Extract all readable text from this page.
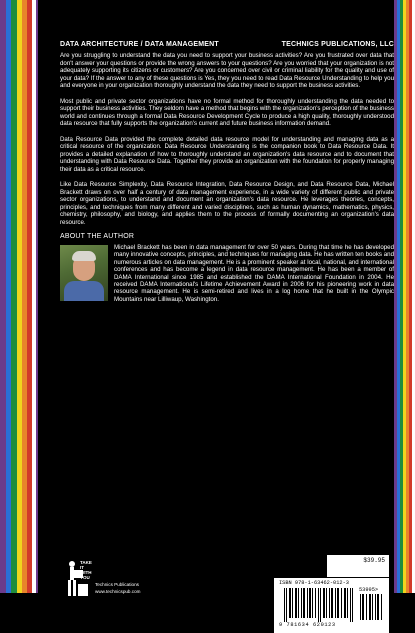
DATA ARCHITECTURE / DATA MANAGEMENT	TECHNICS PUBLICATIONS, LLC

Are you struggling to understand the data you need to support your business activities? Are you frustrated over data that don't answer your questions or provide the wrong answers to your questions? Are you worried that your organization is not adequately supporting its citizens or customers? Are you concerned over civil or criminal liability for the quality and use of your data? If the answer to any of these questions is Yes, they you need to read Data Resource Understanding to help you and everyone in your organization thoroughly understand the data they need to support the business activities.

Most public and private sector organizations have no formal method for thoroughly understanding the data needed to support their business activities. They seldom have a method that begins with the organization's perception of the business world and continues through a formal Data Resource Development Cycle to produce a high quality, thoroughly understood data resource that fully supports the organization's current and future business information demand.

Data Resource Data provided the complete detailed data resource model for understanding and managing data as a critical resource of the organization. Data Resource Understanding is the companion book to Data Resource Data. It provides a detailed explanation of how to thoroughly understand an organization's data resource and to document that understanding with Data Resource Data. Together they provide an organization with the foundation for properly managing their data as a critical resource.

Like Data Resource Simplexity, Data Resource Integration, Data Resource Design, and Data Resource Data, Michael Brackett draws on over half a century of data management experience, in a wide variety of different public and private sector organizations, to understand and document an organization's data resource. He leverages theories, concepts, principles, and techniques from many different and varied disciplines, such as human dynamics, mathematics, physics, chemistry, philosophy, and biology, and applies them to the process of formally documenting an organization's data resource.

ABOUT THE AUTHOR
Michael Brackett has been in data management for over 50 years. During that time he has developed many innovative concepts, principles, and techniques for managing data. He has written ten books and numerous articles on data management. He is a prominent speaker at local, national, and international conferences and has become a legend in data resource management. He has been a member of DAMA International since 1985 and established the DAMA International Foundation in 2004. He received DAMA International's Lifetime Achievement Award in 2006 for his pioneering work in data resource management. He is semi-retired and lives in a log home that he built in the Olympic Mountains near Lilliwaup, Washington.
TAKE
IT
WITH
YOU
Technics Publications
www.technicspub.com
$39.95
ISBN 978-1-63462-012-3
53995>
9 781634 620123
